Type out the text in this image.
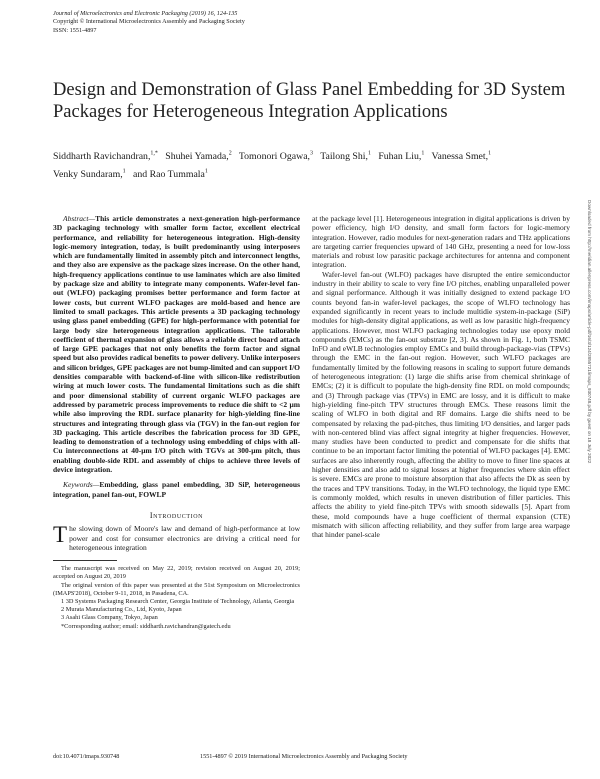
Journal of Microelectronics and Electronic Packaging (2019) 16, 124-135
Copyright © International Microelectronics Assembly and Packaging Society
ISSN: 1551-4897
Design and Demonstration of Glass Panel Embedding for 3D System Packages for Heterogeneous Integration Applications
Siddharth Ravichandran,$^{1,*}$ Shuhei Yamada,$^2$ Tomonori Ogawa,$^3$ Tailong Shi,$^1$ Fuhan Liu,$^1$ Vanessa Smet,$^1$
Venky Sundaram,$^1$ and Rao Tummala$^1$
Abstract—This article demonstrates a next-generation high-performance 3D packaging technology with smaller form factor, excellent electrical performance, and reliability for heterogeneous integration. High-density logic-memory integration, today, is built predominantly using interposers which are fundamentally limited in assembly pitch and interconnect lengths, and they also are expensive as the package sizes increase. On the other hand, high-frequency applications continue to use laminates which are also limited by package size and ability to integrate many components. Wafer-level fan-out (WLFO) packaging promises better performance and form factor at lower costs, but current WLFO packages are mold-based and hence are limited to small packages. This article presents a 3D packaging technology using glass panel embedding (GPE) for high-performance with potential for large body size heterogeneous integration applications. The tailorable coefficient of thermal expansion of glass allows a reliable direct board attach of large GPE packages that not only benefits the form factor and signal speed but also provides radical benefits to power delivery. Unlike interposers and silicon bridges, GPE packages are not bump-limited and can support I/O densities comparable with backend-of-line with silicon-like redistribution wiring at much lower costs. The fundamental limitations such as die shift and poor dimensional stability of current organic WLFO packages are addressed by parametric process improvements to reduce die shift to <2 μm while also improving the RDL surface planarity for high-yielding fine-line structures and integrating through glass via (TGV) in the fan-out region for 3D packaging. This article describes the fabrication process for 3D GPE, leading to demonstration of a technology using embedding of chips with all-Cu interconnections at 40-μm I/O pitch with TGVs at 300-μm pitch, thus enabling double-side RDL and assembly of chips to achieve three levels of device integration.
Keywords—Embedding, glass panel embedding, 3D SiP, heterogeneous integration, panel fan-out, FOWLP
Introduction
The slowing down of Moore's law and demand of high-performance at low power and cost for consumer electronics are driving a critical need for heterogeneous integration
The manuscript was received on May 22, 2019; revision received on August 20, 2019; accepted on August 20, 2019
The original version of this paper was presented at the 51st Symposium on Microelectronics (IMAPS'2018), October 9-11, 2018, in Pasadena, CA.
1 3D Systems Packaging Research Center, Georgia Institute of Technology, Atlanta, Georgia
2 Murata Manufacturing Co., Ltd, Kyoto, Japan
3 Asahi Glass Company, Tokyo, Japan
*Corresponding author; email: siddharth.ravichandran@gatech.edu
at the package level [1]. Heterogeneous integration in digital applications is driven by power efficiency, high I/O density, and small form factors for logic-memory integration. However, radio modules for next-generation radars and THz applications are targeting carrier frequencies upward of 140 GHz, presenting a need for low-loss materials and robust low parasitic package architectures for antenna and component integration.
Wafer-level fan-out (WLFO) packages have disrupted the entire semiconductor industry in their ability to scale to very fine I/O pitches, enabling unparalleled power and signal performance. Although it was initially designed to extend package I/O counts beyond fan-in wafer-level packages, the scope of WLFO technology has expanded significantly in recent years to include multidie system-in-package (SiP) modules for high-density digital applications, as well as low parasitic high-frequency applications. However, most WLFO packaging technologies today use epoxy mold compounds (EMCs) as the fan-out substrate [2, 3]. As shown in Fig. 1, both TSMC InFO and eWLB technologies employ EMCs and build through-package-vias (TPVs) through the EMC in the fan-out region. However, such WLFO packages are fundamentally limited by the following reasons in scaling to support future demands of heterogeneous integration: (1) large die shifts arise from chemical shrinkage of EMCs; (2) it is difficult to populate the high-density fine RDL on mold compounds; and (3) Through package vias (TPVs) in EMC are lossy, and it is difficult to make high-yielding fine-pitch TPV structures through EMCs. These reasons limit the scaling of WLFO in both digital and RF domains. Large die shifts need to be compensated by relaxing the pad-pitches, thus limiting I/O densities, and larger pads with non-centered blind vias affect signal integrity at higher frequencies. However, many studies have been conducted to predict and compensate for die shifts that continue to be an important factor limiting the potential of WLFO packages [4]. EMC surfaces are also inherently rough, affecting the ability to move to finer line spaces at higher densities and also add to signal losses at higher frequencies where skin effect is severe. EMCs are prone to moisture absorption that also affects the Dk as seen by the traces and TPV transitions. Today, in the WLFO technology, the liquid type EMC is commonly molded, which results in uneven distribution of filler particles. This affects the ability to yield fine-pitch TPVs with smooth sidewalls [5]. Apart from these, mold compounds have a huge coefficient of thermal expansion (CTE) mismatch with silicon affecting reliability, and they suffer from large area warpage that hinder panel-scale
doi:10.4071/imaps.930748	1551-4897 © 2019 International Microelectronics Assembly and Packaging Society
Downloaded from http://meridian.allenpress.com/imaps/article-pdf/16/3/124/2855721/imaps_930748.pdf by guest on 18 July 2022
